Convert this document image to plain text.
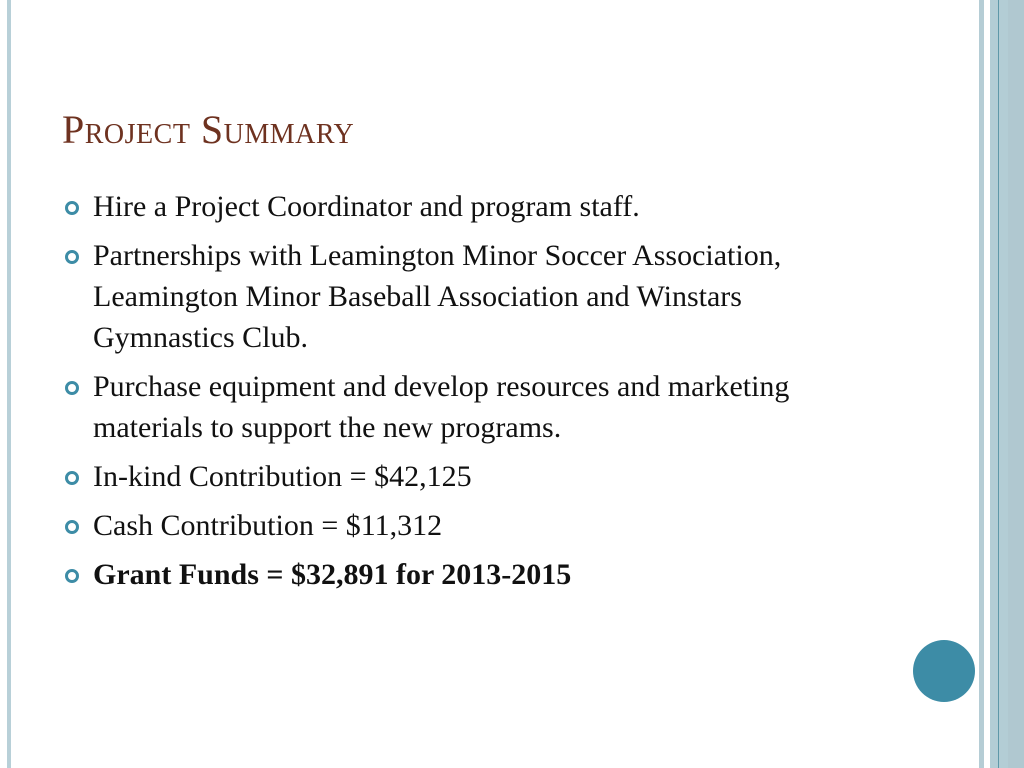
Project Summary
Hire a Project Coordinator and program staff.
Partnerships with Leamington Minor Soccer Association, Leamington Minor Baseball Association and Winstars Gymnastics Club.
Purchase equipment and develop resources and marketing materials to support the new programs.
In-kind Contribution = $42,125
Cash Contribution = $11,312
Grant Funds = $32,891 for 2013-2015
